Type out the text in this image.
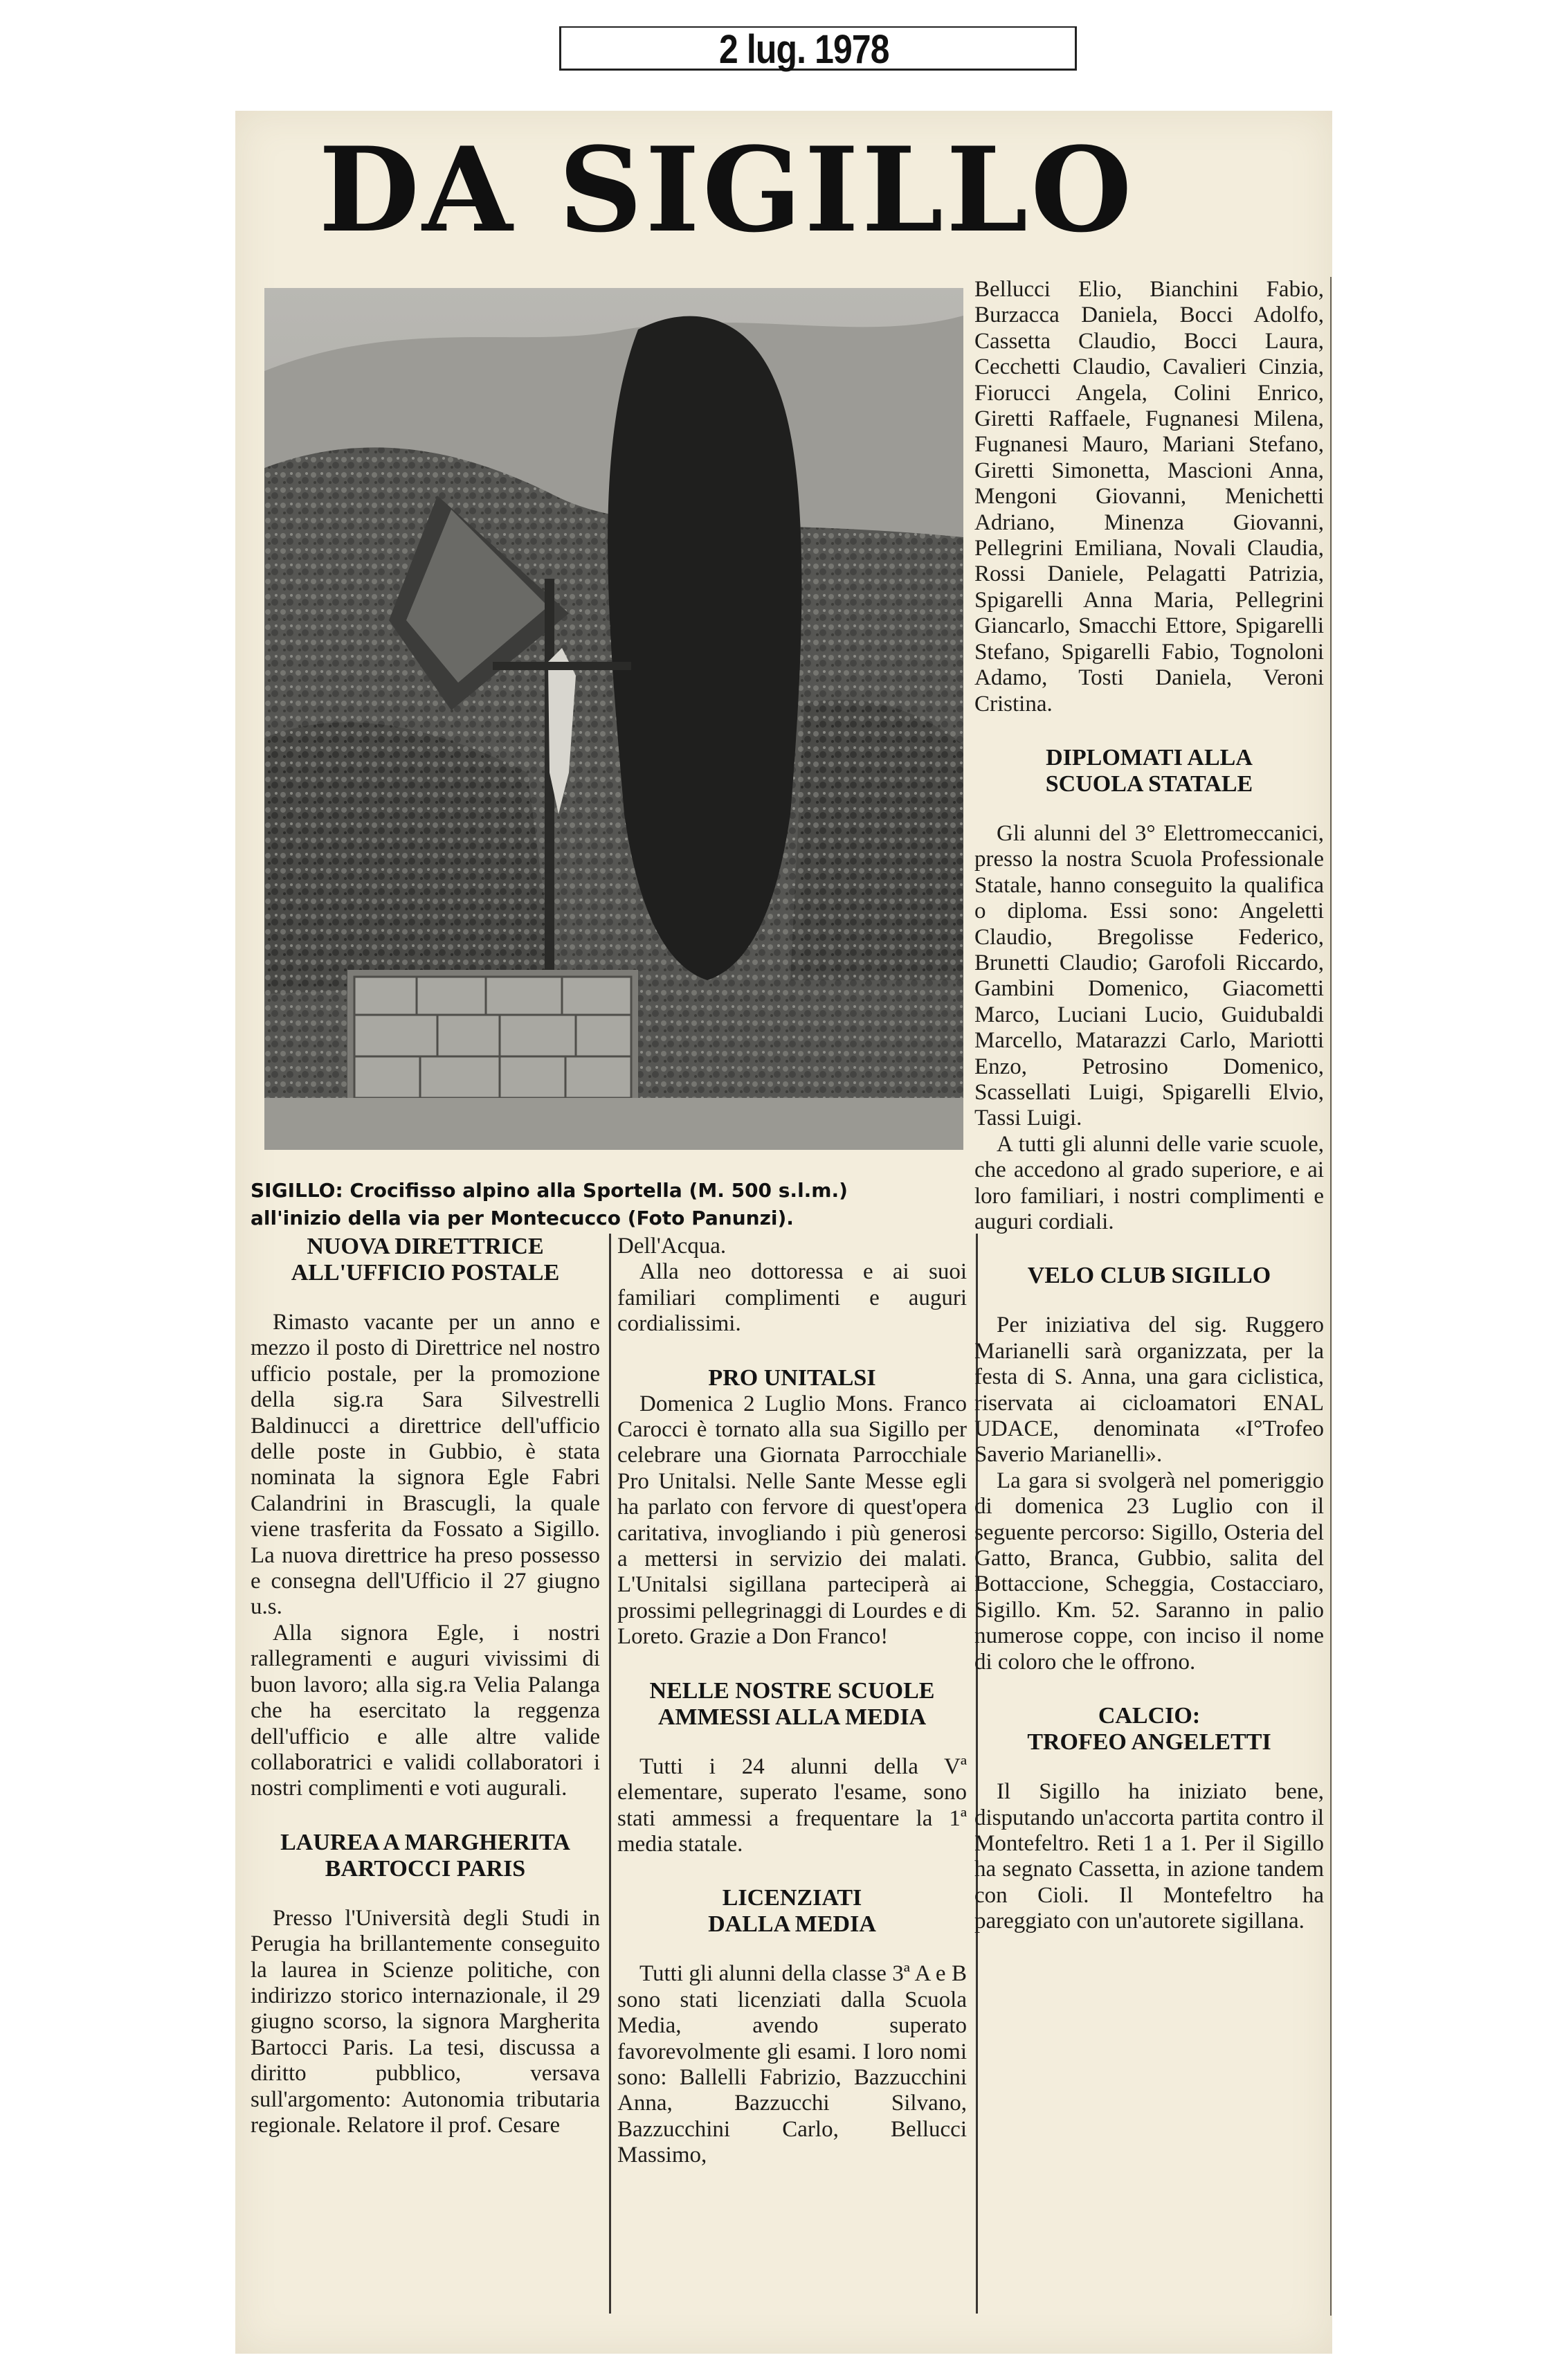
2 lug. 1978
DA SIGILLO
SIGILLO: Crocifisso alpino alla Sportella (M. 500 s.l.m.)
all'inizio della via per Montecucco (Foto Panunzi).
NUOVA DIRETTRICE
ALL'UFFICIO POSTALE

Rimasto vacante per un anno e mezzo il posto di Direttrice nel nostro ufficio postale, per la promozione della sig.ra Sara Silvestrelli Baldinucci a direttrice dell'ufficio delle poste in Gubbio, è stata nominata la signora Egle Fabri Calandrini in Brascugli, la quale viene trasferita da Fossato a Sigillo. La nuova direttrice ha preso possesso e consegna dell'Ufficio il 27 giugno u.s.

Alla signora Egle, i nostri rallegramenti e auguri vivissimi di buon lavoro; alla sig.ra Velia Palanga che ha esercitato la reggenza dell'ufficio e alle altre valide collaboratrici e validi collaboratori i nostri complimenti e voti augurali.

LAUREA A MARGHERITA
BARTOCCI PARIS

Presso l'Università degli Studi in Perugia ha brillantemente conseguito la laurea in Scienze politiche, con indirizzo storico internazionale, il 29 giugno scorso, la signora Margherita Bartocci Paris. La tesi, discussa a diritto pubblico, versava sull'argomento: Autonomia tributaria regionale. Relatore il prof. Cesare

Dell'Acqua.

Alla neo dottoressa e ai suoi familiari complimenti e auguri cordialissimi.

PRO UNITALSI

Domenica 2 Luglio Mons. Franco Carocci è tornato alla sua Sigillo per celebrare una Giornata Parrocchiale Pro Unitalsi. Nelle Sante Messe egli ha parlato con fervore di quest'opera caritativa, invogliando i più generosi a mettersi in servizio dei malati. L'Unitalsi sigillana parteciperà ai prossimi pellegrinaggi di Lourdes e di Loreto. Grazie a Don Franco!

NELLE NOSTRE SCUOLE
AMMESSI ALLA MEDIA

Tutti i 24 alunni della Vª elementare, superato l'esame, sono stati ammessi a frequentare la 1ª media statale.

LICENZIATI
DALLA MEDIA

Tutti gli alunni della classe 3ª A e B sono stati licenziati dalla Scuola Media, avendo superato favorevolmente gli esami. I loro nomi sono: Ballelli Fabrizio, Bazzucchini Anna, Bazzucchi Silvano, Bazzucchini Carlo, Bellucci Massimo,

Bellucci Elio, Bianchini Fabio, Burzacca Daniela, Bocci Adolfo, Cassetta Claudio, Bocci Laura, Cecchetti Claudio, Cavalieri Cinzia, Fiorucci Angela, Colini Enrico, Giretti Raffaele, Fugnanesi Milena, Fugnanesi Mauro, Mariani Stefano, Giretti Simonetta, Mascioni Anna, Mengoni Giovanni, Menichetti Adriano, Minenza Giovanni, Pellegrini Emiliana, Novali Claudia, Rossi Daniele, Pelagatti Patrizia, Spigarelli Anna Maria, Pellegrini Giancarlo, Smacchi Ettore, Spigarelli Stefano, Spigarelli Fabio, Tognoloni Adamo, Tosti Daniela, Veroni Cristina.

DIPLOMATI ALLA
SCUOLA STATALE

Gli alunni del 3° Elettromeccanici, presso la nostra Scuola Professionale Statale, hanno conseguito la qualifica o diploma. Essi sono: Angeletti Claudio, Bregolisse Federico, Brunetti Claudio; Garofoli Riccardo, Gambini Domenico, Giacometti Marco, Luciani Lucio, Guidubaldi Marcello, Matarazzi Carlo, Mariotti Enzo, Petrosino Domenico, Scassellati Luigi, Spigarelli Elvio, Tassi Luigi.

A tutti gli alunni delle varie scuole, che accedono al grado superiore, e ai loro familiari, i nostri complimenti e auguri cordiali.

VELO CLUB SIGILLO

Per iniziativa del sig. Ruggero Marianelli sarà organizzata, per la festa di S. Anna, una gara ciclistica, riservata ai cicloamatori ENAL UDACE, denominata «I°Trofeo Saverio Marianelli».

La gara si svolgerà nel pomeriggio di domenica 23 Luglio con il seguente percorso: Sigillo, Osteria del Gatto, Branca, Gubbio, salita del Bottaccione, Scheggia, Costacciaro, Sigillo. Km. 52. Saranno in palio numerose coppe, con inciso il nome di coloro che le offrono.

CALCIO:
TROFEO ANGELETTI

Il Sigillo ha iniziato bene, disputando un'accorta partita contro il Montefeltro. Reti 1 a 1. Per il Sigillo ha segnato Cassetta, in azione tandem con Cioli. Il Montefeltro ha pareggiato con un'autorete sigillana.
